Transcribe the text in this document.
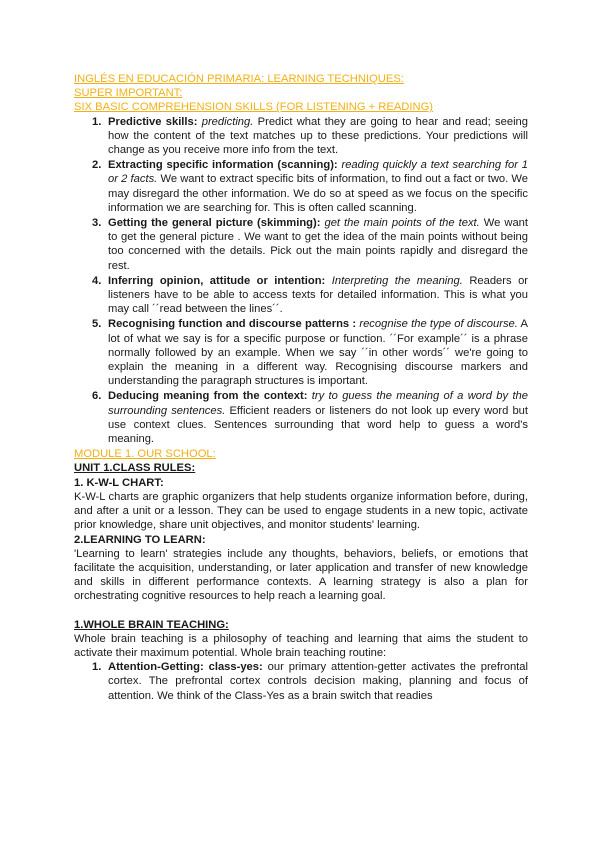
INGLÉS EN EDUCACIÓN PRIMARIA: LEARNING TECHNIQUES:

SUPER IMPORTANT:

SIX BASIC COMPREHENSION SKILLS (FOR LISTENING + READING)

1. Predictive skills: predicting. Predict what they are going to hear and read; seeing how the content of the text matches up to these predictions. Your predictions will change as you receive more info from the text.
2. Extracting specific information (scanning): reading quickly a text searching for 1 or 2 facts. We want to extract specific bits of information, to find out a fact or two. We may disregard the other information. We do so at speed as we focus on the specific information we are searching for. This is often called scanning.
3. Getting the general picture (skimming): get the main points of the text. We want to get the general picture . We want to get the idea of the main points without being too concerned with the details. Pick out the main points rapidly and disregard the rest.
4. Inferring opinion, attitude or intention: Interpreting the meaning. Readers or listeners have to be able to access texts for detailed information. This is what you may call ´´read between the lines´´.
5. Recognising function and discourse patterns : recognise the type of discourse. A lot of what we say is for a specific purpose or function. ´´For example´´ is a phrase normally followed by an example. When we say ´´in other words´´ we're going to explain the meaning in a different way. Recognising discourse markers and understanding the paragraph structures is important.
6. Deducing meaning from the context: try to guess the meaning of a word by the surrounding sentences. Efficient readers or listeners do not look up every word but use context clues. Sentences surrounding that word help to guess a word's meaning.

MODULE 1. OUR SCHOOL:

UNIT 1.CLASS RULES:

1. K-W-L CHART:

K-W-L charts are graphic organizers that help students organize information before, during, and after a unit or a lesson. They can be used to engage students in a new topic, activate prior knowledge, share unit objectives, and monitor students' learning.

2.LEARNING TO LEARN:

'Learning to learn' strategies include any thoughts, behaviors, beliefs, or emotions that facilitate the acquisition, understanding, or later application and transfer of new knowledge and skills in different performance contexts. A learning strategy is also a plan for orchestrating cognitive resources to help reach a learning goal.

1.WHOLE BRAIN TEACHING:

Whole brain teaching is a philosophy of teaching and learning that aims the student to activate their maximum potential. Whole brain teaching routine:

1. Attention-Getting: class-yes: our primary attention-getter activates the prefrontal cortex. The prefrontal cortex controls decision making, planning and focus of attention. We think of the Class-Yes as a brain switch that readies
